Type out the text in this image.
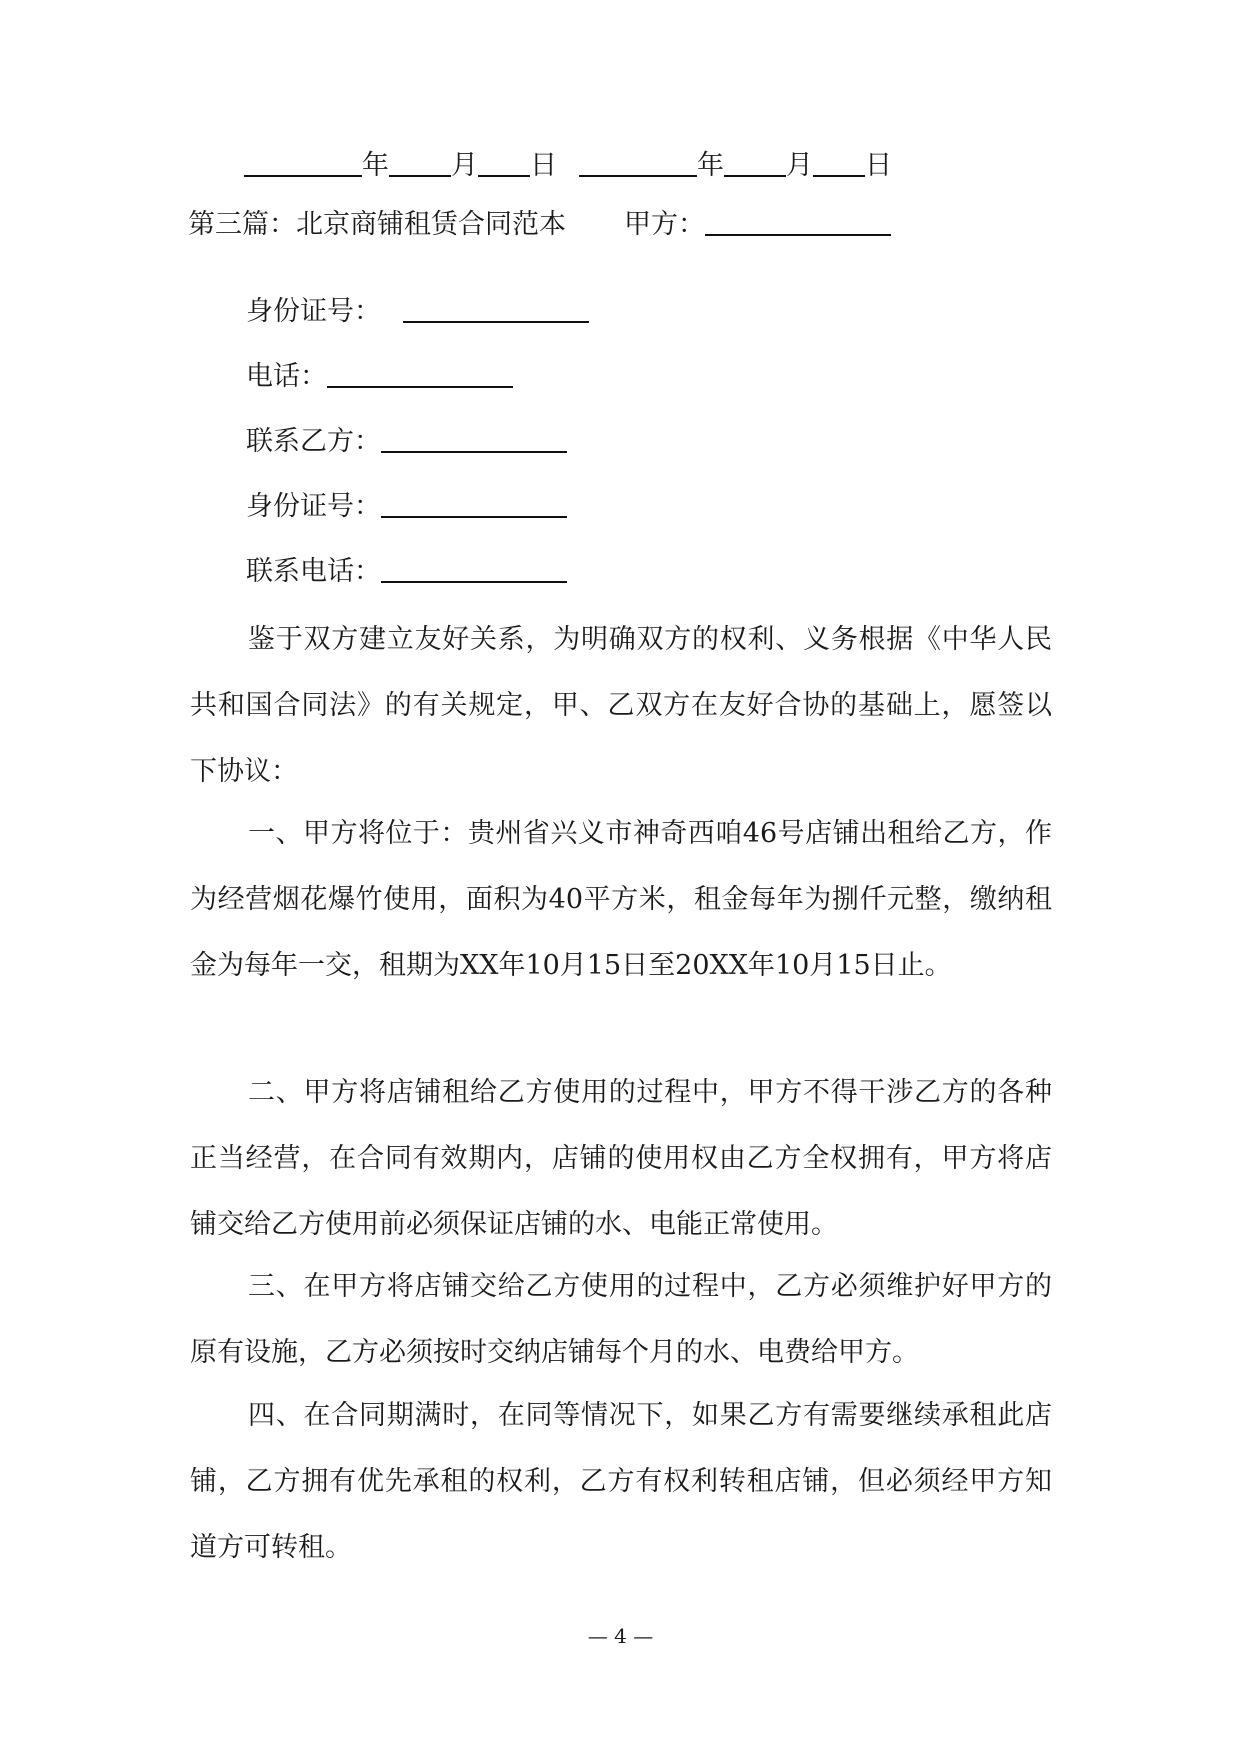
年 月 日	年 月 日
第三篇：北京商铺租赁合同范本 甲方：
身份证号：
电话：
联系乙方：
身份证号：
联系电话：

鉴于双方建立友好关系，为明确双方的权利、义务根据《中华人民共和国合同法》的有关规定，甲、乙双方在友好合协的基础上，愿签以下协议：

一、甲方将位于：贵州省兴义市神奇西咱46号店铺出租给乙方，作为经营烟花爆竹使用，面积为40平方米，租金每年为捌仟元整，缴纳租金为每年一交，租期为XX年10月15日至20XX年10月15日止。

二、甲方将店铺租给乙方使用的过程中，甲方不得干涉乙方的各种正当经营，在合同有效期内，店铺的使用权由乙方全权拥有，甲方将店铺交给乙方使用前必须保证店铺的水、电能正常使用。

三、在甲方将店铺交给乙方使用的过程中，乙方必须维护好甲方的原有设施，乙方必须按时交纳店铺每个月的水、电费给甲方。

四、在合同期满时，在同等情况下，如果乙方有需要继续承租此店铺，乙方拥有优先承租的权利，乙方有权利转租店铺，但必须经甲方知道方可转租。

— 4 —
